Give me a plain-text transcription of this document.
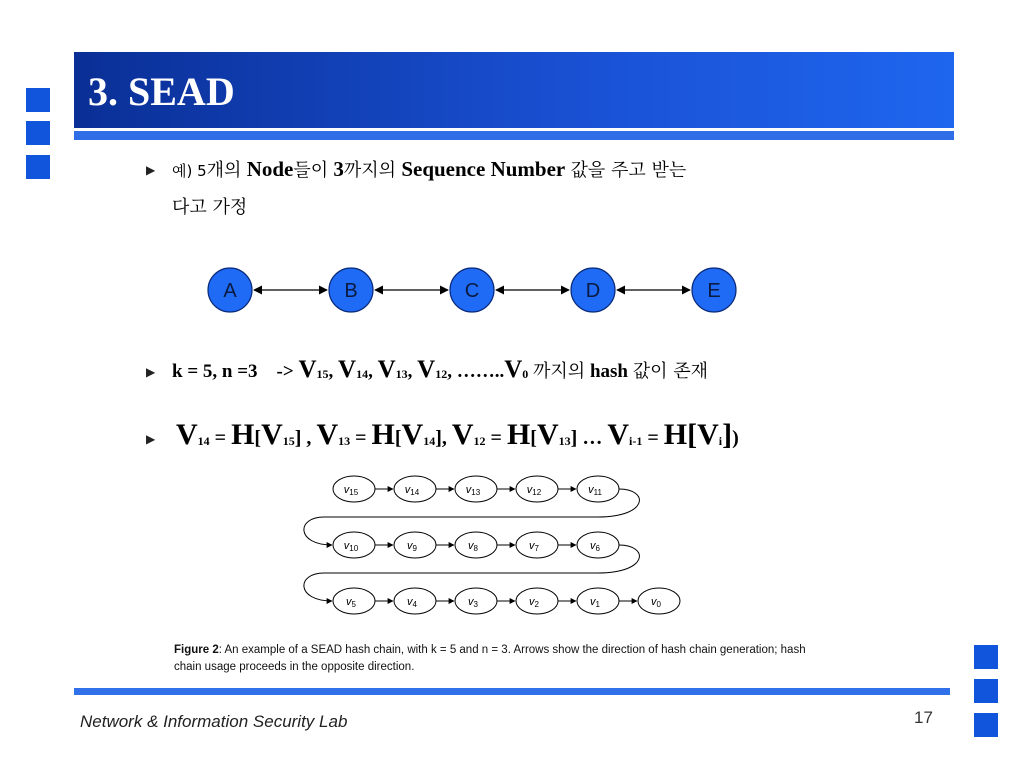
3. SEAD
▶ 예) 5개의 Node들이 3까지의 Sequence Number 값을 주고 받는
다고 가정
A	B	C	D	E
▶ k = 5, n =3 -> V15, V14, V13, V12, ……..V0 까지의 hash 값이 존재
▶ V14 = H[V15] , V13 = H[V14], V12 = H[V13] … Vi-1 = H[Vi])
v15	v14	v13	v12	v11
v10	v9	v8	v7	v6
v5	v4	v3	v2	v1	v0
Figure 2: An example of a SEAD hash chain, with k = 5 and n = 3. Arrows show the direction of hash chain generation; hash chain usage proceeds in the opposite direction.
Network & Information Security Lab	17
